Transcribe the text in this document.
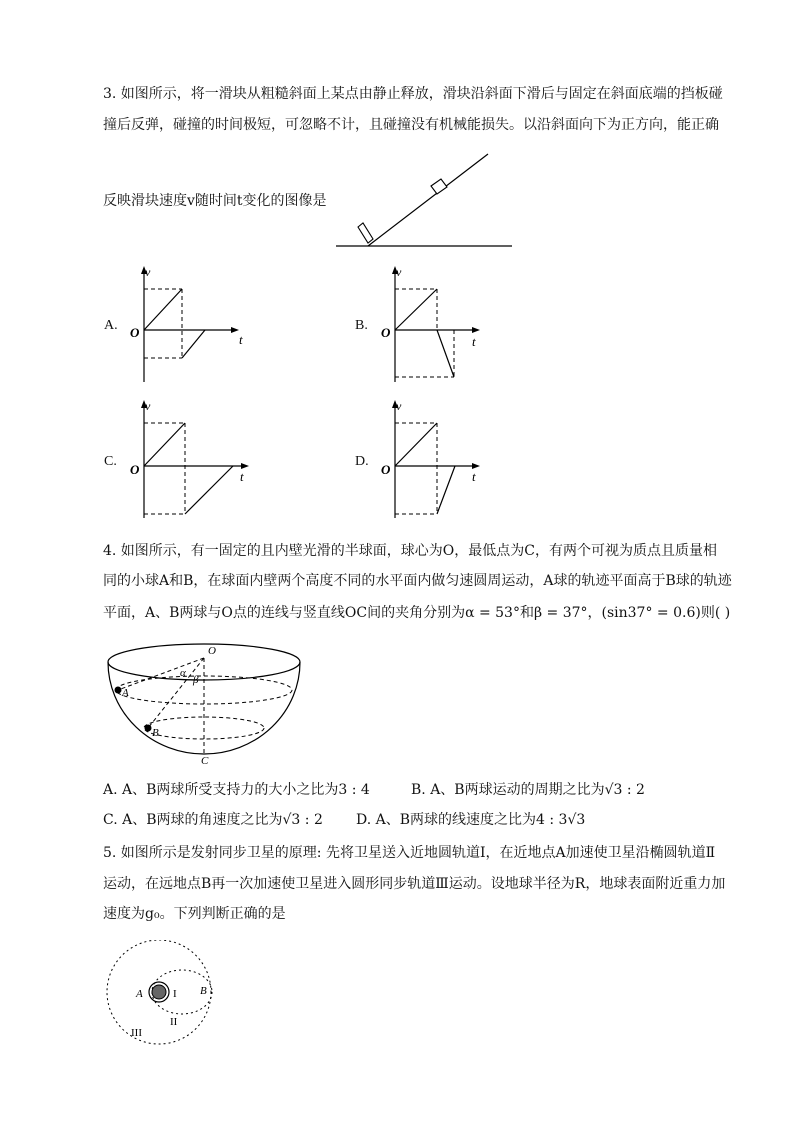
3. 如图所示，将一滑块从粗糙斜面上某点由静止释放，滑块沿斜面下滑后与固定在斜面底端的挡板碰
撞后反弹，碰撞的时间极短，可忽略不计，且碰撞没有机械能损失。以沿斜面向下为正方向，能正确
反映滑块速度v随时间t变化的图像是
A.
v
t
O	B.
v
t
O
C.
v
t
O
D.
v
t
O
4. 如图所示，有一固定的且内壁光滑的半球面，球心为O，最低点为C，有两个可视为质点且质量相
同的小球A和B，在球面内壁两个高度不同的水平面内做匀速圆周运动，A球的轨迹平面高于B球的轨迹
平面，A、B两球与O点的连线与竖直线OC间的夹角分别为α = 53°和β = 37°，(sin37° = 0.6)则( )
O
A
B
C
α
β
A. A、B两球所受支持力的大小之比为3 : 4	B. A、B两球运动的周期之比为√3 : 2
C. A、B两球的角速度之比为√3 : 2 D. A、B两球的线速度之比为4 : 3√3
5. 如图所示是发射同步卫星的原理: 先将卫星送入近地圆轨道Ⅰ，在近地点A加速使卫星沿椭圆轨道Ⅱ
运动，在远地点B再一次加速使卫星进入圆形同步轨道Ⅲ运动。设地球半径为R，地球表面附近重力加
速度为g₀。下列判断正确的是
A	B
I
II
III
